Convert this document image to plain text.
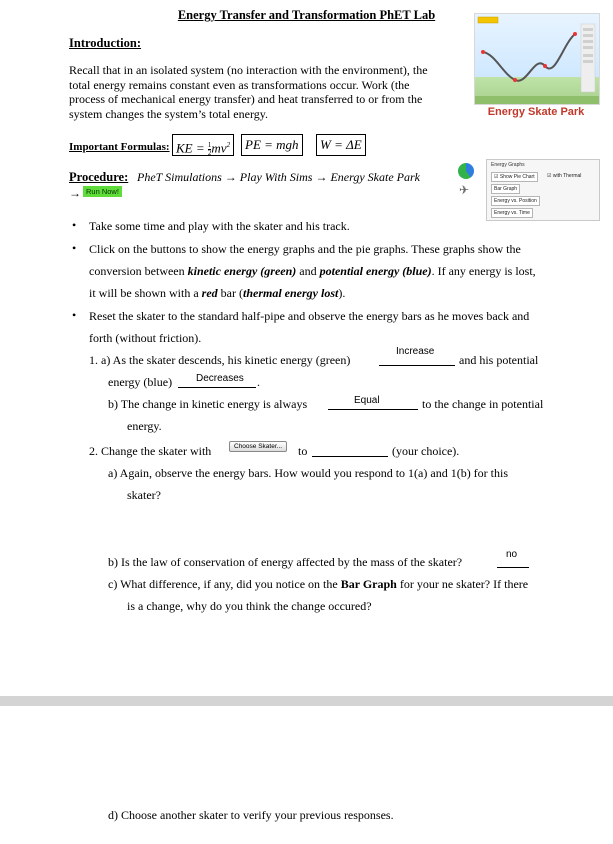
Energy Transfer and Transformation PhET Lab
Introduction:
Recall that in an isolated system (no interaction with the environment), the
total energy remains constant even as transformations occur. Work (the
process of mechanical energy transfer) and heat transferred to or from the
system changes the system’s total energy.	Energy Skate Park
Important Formulas: KE = $\frac{1}{2} mv^2$	PE = mgh	W = ΔE
Procedure: PheT Simulations → Play With Sims → Energy Skate Park
→ Run Now!	✈
Energy Graphs
☑ Show Pie Chart	☑ with Thermal
Bar Graph
Energy vs. Position
Energy vs. Time
• Take some time and play with the skater and his track.
• Click on the buttons to show the energy graphs and the pie graphs. These graphs show the
conversion between kinetic energy (green) and potential energy (blue). If any energy is lost,
it will be shown with a red bar (thermal energy lost).
• Reset the skater to the standard half-pipe and observe the energy bars as he moves back and
forth (without friction).
1. a) As the skater descends, his kinetic energy (green)
Increase
and his potential
energy (blue) Decreases .
b) The change in kinetic energy is always	Equal	to the change in potential
energy.
2. Change the skater with	Choose Skater...	to	(your choice).
a) Again, observe the energy bars. How would you respond to 1(a) and 1(b) for this
skater?
b) Is the law of conservation of energy affected by the mass of the skater?
no
c) What difference, if any, did you notice on the Bar Graph for your ne skater? If there
is a change, why do you think the change occured?
d) Choose another skater to verify your previous responses.
